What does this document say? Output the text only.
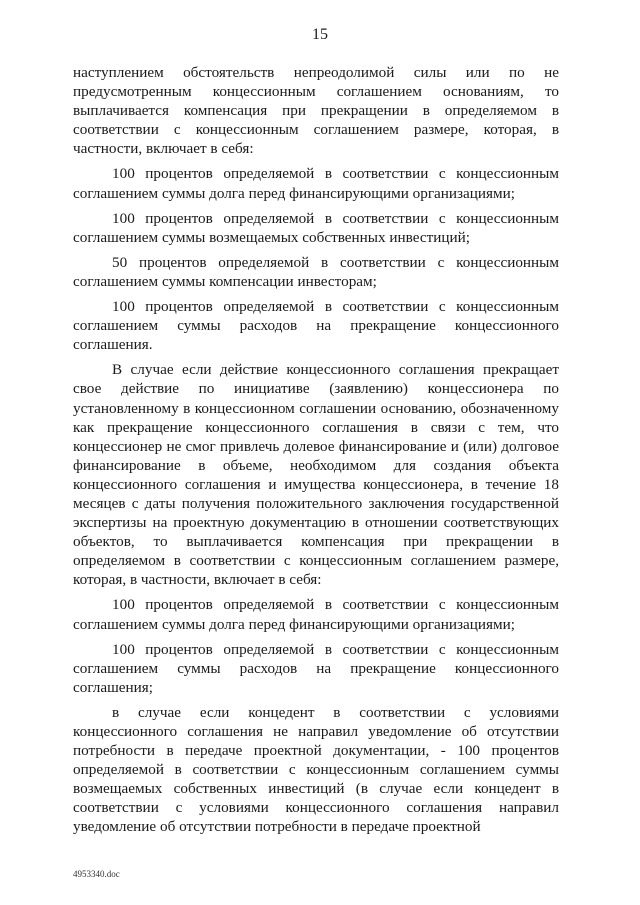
15

наступлением обстоятельств непреодолимой силы или по не предусмотренным концессионным соглашением основаниям, то выплачивается компенсация при прекращении в определяемом в соответствии с концессионным соглашением размере, которая, в частности, включает в себя:

100 процентов определяемой в соответствии с концессионным соглашением суммы долга перед финансирующими организациями;

100 процентов определяемой в соответствии с концессионным соглашением суммы возмещаемых собственных инвестиций;

50 процентов определяемой в соответствии с концессионным соглашением суммы компенсации инвесторам;

100 процентов определяемой в соответствии с концессионным соглашением суммы расходов на прекращение концессионного соглашения.

В случае если действие концессионного соглашения прекращает свое действие по инициативе (заявлению) концессионера по установленному в концессионном соглашении основанию, обозначенному как прекращение концессионного соглашения в связи с тем, что концессионер не смог привлечь долевое финансирование и (или) долговое финансирование в объеме, необходимом для создания объекта концессионного соглашения и имущества концессионера, в течение 18 месяцев с даты получения положительного заключения государственной экспертизы на проектную документацию в отношении соответствующих объектов, то выплачивается компенсация при прекращении в определяемом в соответствии с концессионным соглашением размере, которая, в частности, включает в себя:

100 процентов определяемой в соответствии с концессионным соглашением суммы долга перед финансирующими организациями;

100 процентов определяемой в соответствии с концессионным соглашением суммы расходов на прекращение концессионного соглашения;

в случае если концедент в соответствии с условиями концессионного соглашения не направил уведомление об отсутствии потребности в передаче проектной документации, - 100 процентов определяемой в соответствии с концессионным соглашением суммы возмещаемых собственных инвестиций (в случае если концедент в соответствии с условиями концессионного соглашения направил уведомление об отсутствии потребности в передаче проектной

4953340.doc
